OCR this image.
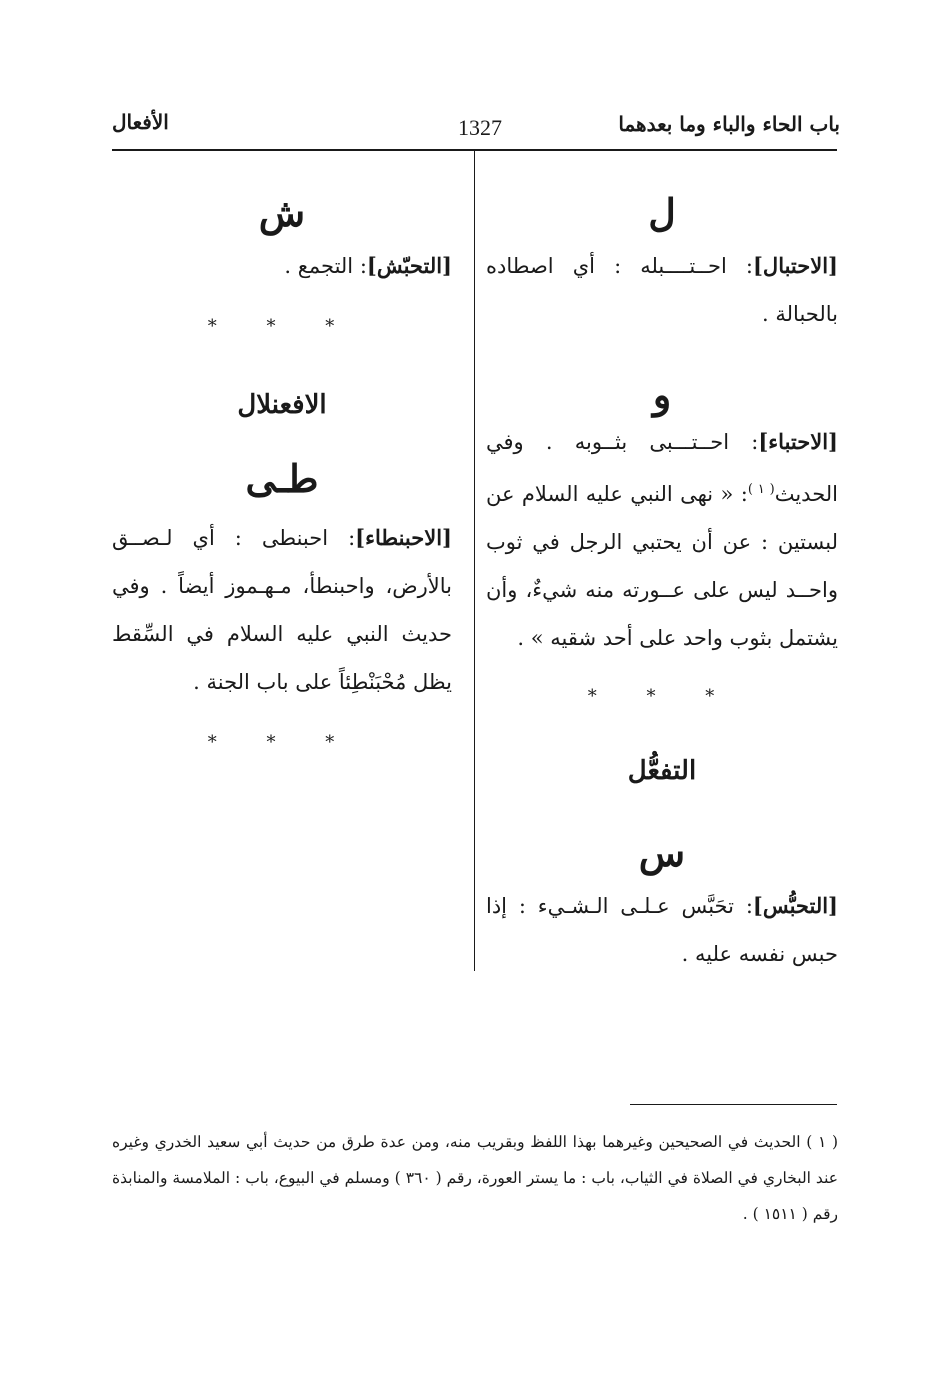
باب الحاء والباء وما بعدهما
1327
الأفعال
ل

[الاحتبال]: احــتــــبله : أي اصطاده بالحبالة .

و

[الاحتباء]: احــتـــبى بثــوبه . وفي الحديث$^{( ١ )}$: « نهى النبي عليه السلام عن لبستين : عن أن يحتبي الرجل في ثوب واحــد ليس على عــورته منه شيءٌ، وأن يشتمل بثوب واحد على أحد شقيه » .

* * *
التفعُّل
س

[التحبُّس]: تحَبَّس عـلـى الـشـيء : إذا حبس نفسه عليه .

ش

[التحبّش]: التجمع .

* * *
الافعنلال
طـى

[الاحبنطاء]: احبنطى : أي لـصــق بالأرض، واحبنطأ، مـهـموز أيضاً . وفي حديث النبي عليه السلام في السِّقط يظل مُحْبَنْطِئاً على باب الجنة .

* * *
( ١ ) الحديث في الصحيحين وغيرهما بهذا اللفظ وبقريب منه، ومن عدة طرق من حديث أبي سعيد الخدري وغيره عند البخاري في الصلاة في الثياب، باب : ما يستر العورة، رقم ( ٣٦٠ ) ومسلم في البيوع، باب : الملامسة والمنابذة رقم ( ١٥١١ ) .
